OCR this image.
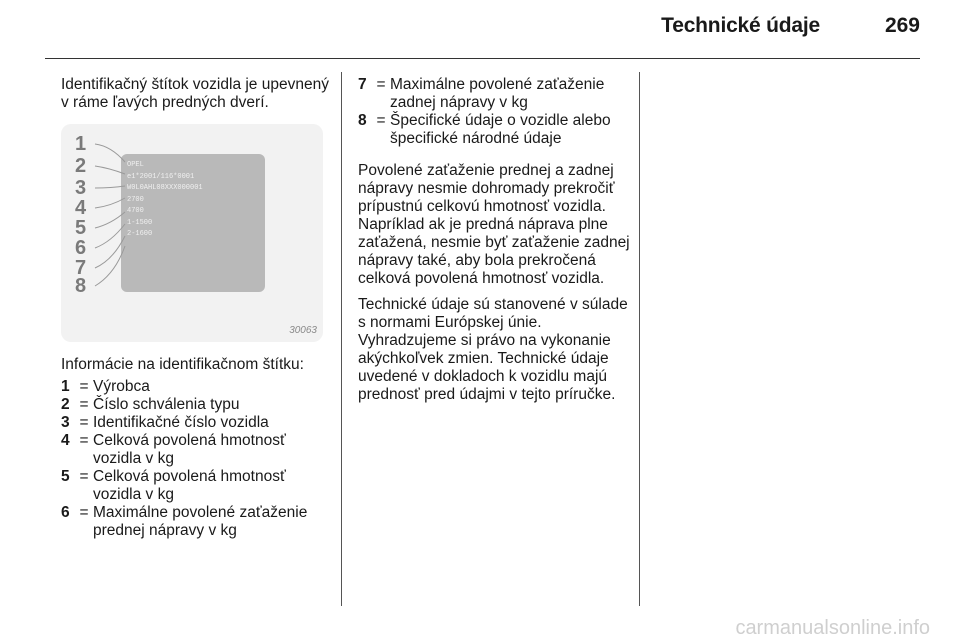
Technické údaje	269

Identifikačný štítok vozidla je upevnený v ráme ľavých predných dverí.

OPEL
e1*2001/116*0001
W0L0AHL08XXX000001
2700
4700
1-1500
2-1600
1
2
3
4
5
6
7
8
30063

Informácie na identifikačnom štítku:

1 = Výrobca
2 = Číslo schválenia typu
3 = Identifikačné číslo vozidla
4 = Celková povolená hmotnosť vozidla v kg
5 = Celková povolená hmotnosť vozidla v kg
6 = Maximálne povolené zaťaženie prednej nápravy v kg
7 = Maximálne povolené zaťaženie zadnej nápravy v kg
8 = Špecifické údaje o vozidle alebo špecifické národné údaje

Povolené zaťaženie prednej a zadnej nápravy nesmie dohromady prekročiť prípustnú celkovú hmotnosť vozidla. Napríklad ak je predná náprava plne zaťažená, nesmie byť zaťaženie zadnej nápravy také, aby bola prekročená celková povolená hmotnosť vozidla.

Technické údaje sú stanovené v súlade s normami Európskej únie. Vyhradzujeme si právo na vykonanie akýchkoľvek zmien. Technické údaje uvedené v dokladoch k vozidlu majú prednosť pred údajmi v tejto príručke.

carmanualsonline.info
